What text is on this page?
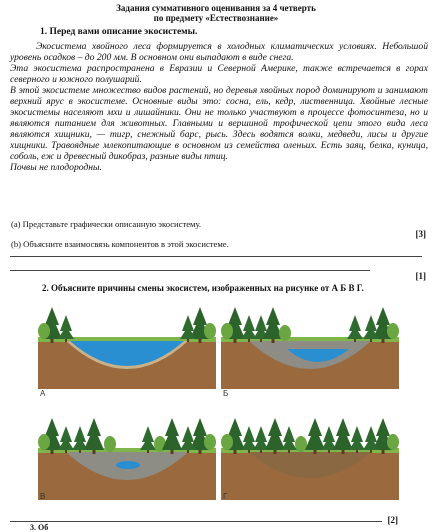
Задания суммативного оценивания за 4 четверть
по предмету «Естествознание»
1. Перед вами описание экосистемы.

Экосистема хвойного леса формируется в холодных климатических условиях. Небольшой уровень осадков – до 200 мм. В основном они выпадают в виде снега.

Эта экосистема распространена в Евразии и Северной Америке, также встречается в горах северного и южного полушарий.

В этой экосистеме множество видов растений, но деревья хвойных пород доминируют и занимают верхний ярус в экосистеме. Основные виды это: сосна, ель, кедр, лиственница. Хвойные лесные экосистемы населяют мхи и лишайники. Они не только участвуют в процессе фотосинтеза, но и являются питанием для животных. Главными и вершиной трофической цепи этого вида леса являются хищники, — тигр, снежный барс, рысь. Здесь водятся волки, медведи, лисы и другие хищники. Травоядные млекопитающие в основном из семейства оленьих. Есть заяц, белка, куница, соболь, еж и древесный дикобраз, разные виды птиц.

Почвы не плодородны.

(а) Представьте графически описанную экосистему.
[3]
(b) Объясните взаимосвязь компонентов в этой экосистеме.
[1]
2. Объясните причины смены экосистем, изображенных на рисунке от А Б В Г.
А	Б
В	Г
[2]
3. Об
